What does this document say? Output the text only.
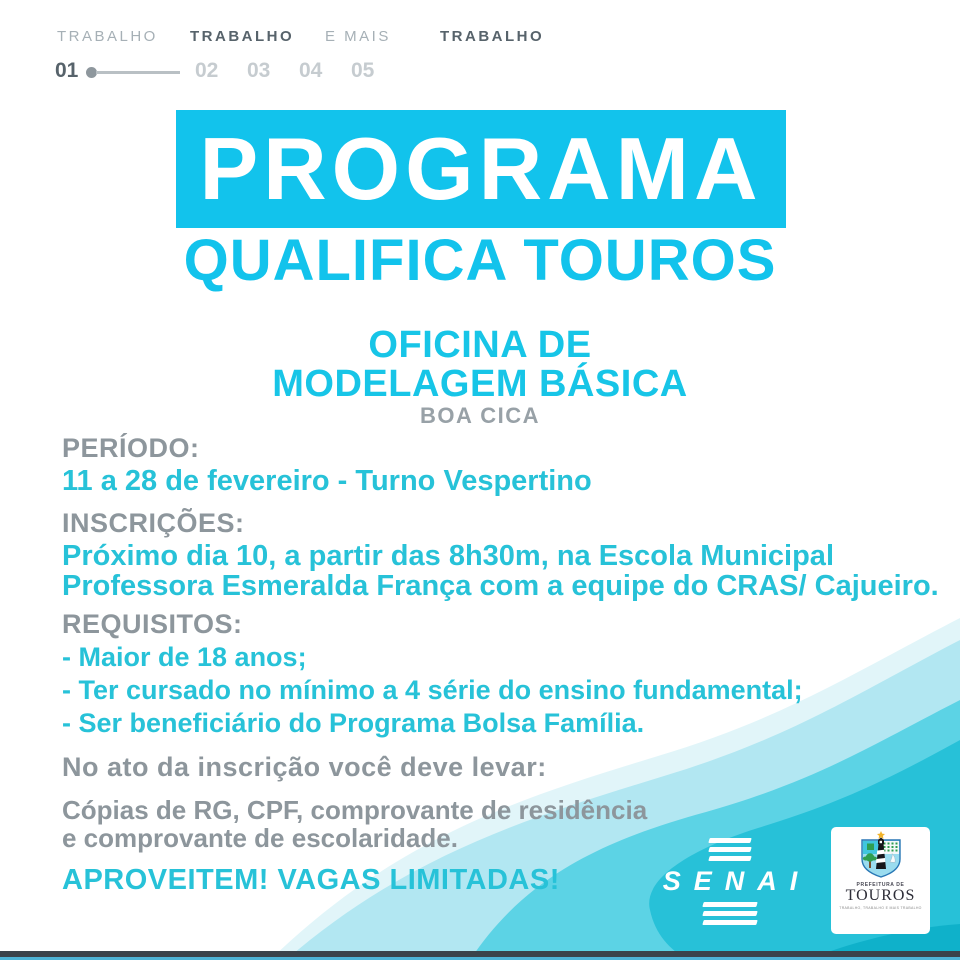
TRABALHO TRABALHO E MAIS	TRABALHO
01	02 03 04 05
PROGRAMA
QUALIFICA TOUROS
OFICINA DE
MODELAGEM BÁSICA
BOA CICA
PERÍODO:
11 a 28 de fevereiro - Turno Vespertino
INSCRIÇÕES:
Próximo dia 10, a partir das 8h30m, na Escola Municipal Professora Esmeralda França com a equipe do CRAS/ Cajueiro.
REQUISITOS:
- Maior de 18 anos;
- Ter cursado no mínimo a 4 série do ensino fundamental;
- Ser beneficiário do Programa Bolsa Família.
No ato da inscrição você deve levar:
Cópias de RG, CPF, comprovante de residência e comprovante de escolaridade.
APROVEITEM! VAGAS LIMITADAS!	SENAI	PREFEITURA DE
TOUROS
TRABALHO, TRABALHO E MAIS TRABALHO
